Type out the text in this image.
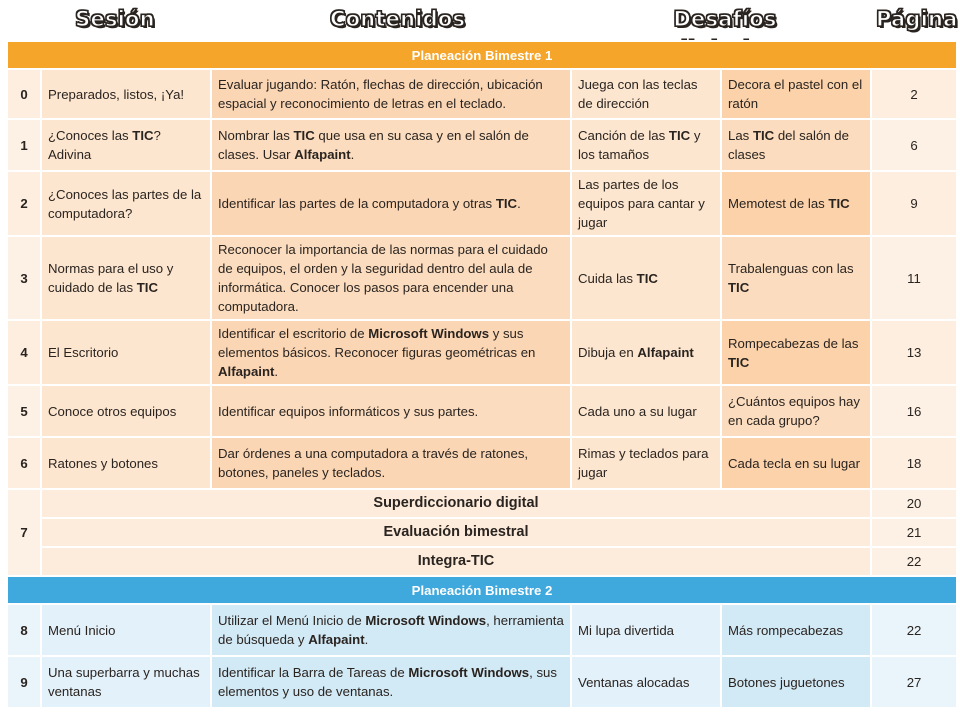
Sesión	Contenidos	Desafíos	Página
Planeación Bimestre 1					
0	Preparados, listos, ¡Ya!	Evaluar jugando: Ratón, flechas de dirección, ubicación espacial y reconocimiento de letras en el teclado.	Juega con las teclas de dirección	Decora el pastel con el ratón	2
1	¿Conoces las TIC? Adivina	Nombrar las TIC que usa en su casa y en el salón de clases. Usar Alfapaint.	Canción de las TIC y los tamaños	Las TIC del salón de clases	6
2	¿Conoces las partes de la computadora?	Identificar las partes de la computadora y otras TIC.	Las partes de los equipos para cantar y jugar	Memotest de las TIC	9
3	Normas para el uso y cuidado de las TIC	Reconocer la importancia de las normas para el cuidado de equipos, el orden y la seguridad dentro del aula de informática. Conocer los pasos para encender una computadora.	Cuida las TIC	Trabalenguas con las TIC	11
4	El Escritorio	Identificar el escritorio de Microsoft Windows y sus elementos básicos. Reconocer figuras geométricas en Alfapaint.	Dibuja en Alfapaint	Rompecabezas de las TIC	13
5	Conoce otros equipos	Identificar equipos informáticos y sus partes.	Cada uno a su lugar	¿Cuántos equipos hay en cada grupo?	16
6	Ratones y botones	Dar órdenes a una computadora a través de ratones, botones, paneles y teclados.	Rimas y teclados para jugar	Cada tecla en su lugar	18
7	Superdiccionario digital				20
	Evaluación bimestral				21
	Integra-TIC				22
Planeación Bimestre 2					
8	Menú Inicio	Utilizar el Menú Inicio de Microsoft Windows, herramienta de búsqueda y Alfapaint.	Mi lupa divertida	Más rompecabezas	22
9	Una superbarra y muchas ventanas	Identificar la Barra de Tareas de Microsoft Windows, sus elementos y uso de ventanas.	Ventanas alocadas	Botones juguetones	27
